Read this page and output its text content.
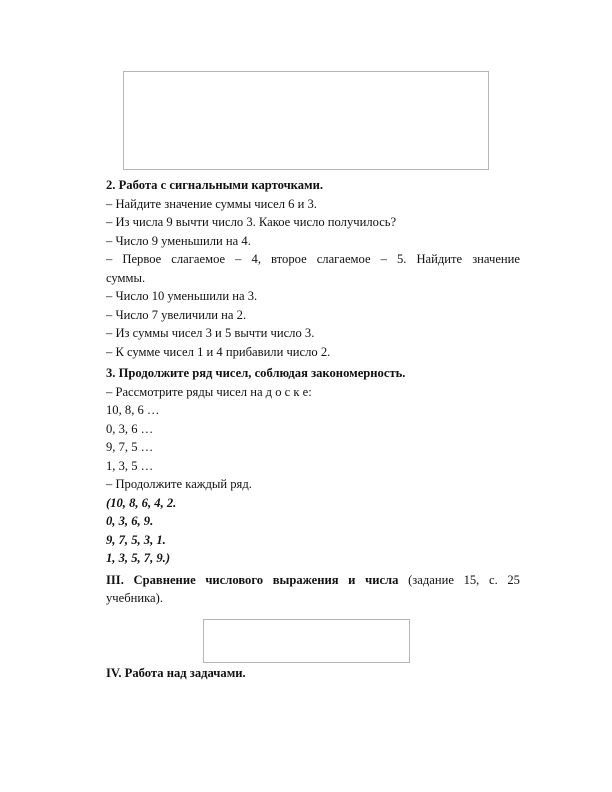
2. Работа с сигнальными карточками.

– Найдите значение суммы чисел 6 и 3.

– Из числа 9 вычти число 3. Какое число получилось?

– Число 9 уменьшили на 4.

– Первое слагаемое – 4, второе слагаемое – 5. Найдите значение суммы.

– Число 10 уменьшили на 3.

– Число 7 увеличили на 2.

– Из суммы чисел 3 и 5 вычти число 3.

– К сумме чисел 1 и 4 прибавили число 2.

3. Продолжите ряд чисел, соблюдая закономерность.

– Рассмотрите ряды чисел на д о с к е:

10, 8, 6 …

0, 3, 6 …

9, 7, 5 …

1, 3, 5 …

– Продолжите каждый ряд.

(10, 8, 6, 4, 2.

0, 3, 6, 9.

9, 7, 5, 3, 1.

1, 3, 5, 7, 9.)

III. Сравнение числового выражения и числа (задание 15, с. 25 учебника).

IV. Работа над задачами.
